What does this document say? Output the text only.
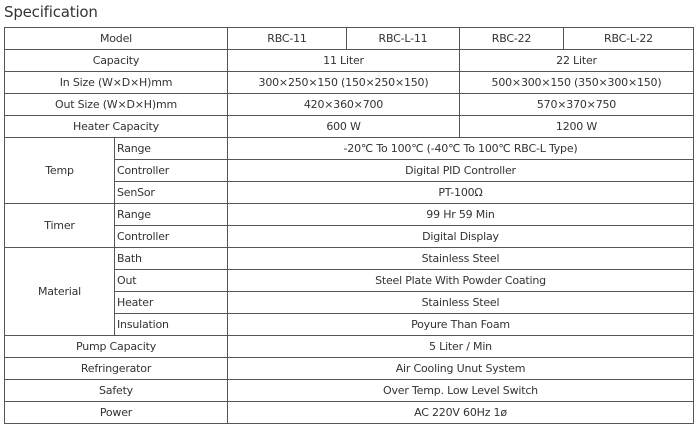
Specification
Model		RBC-11	RBC-L-11	RBC-22	RBC-L-22
Capacity		11 Liter		22 Liter	
In Size (W×D×H)mm		300×250×150 (150×250×150)		500×300×150 (350×300×150)	
Out Size (W×D×H)mm		420×360×700		570×370×750	
Heater Capacity		600 W		1200 W	
Temp	Range	-20℃ To 100℃ (-40℃ To 100℃ RBC-L Type)			
	Controller	Digital PID Controller			
	SenSor	PT-100Ω			
Timer	Range	99 Hr 59 Min			
	Controller	Digital Display			
Material	Bath	Stainless Steel			
	Out	Steel Plate With Powder Coating			
	Heater	Stainless Steel			
	Insulation	Poyure Than Foam			
Pump Capacity		5 Liter / Min			
Refringerator		Air Cooling Unut System			
Safety		Over Temp. Low Level Switch			
Power		AC 220V 60Hz 1ø			
